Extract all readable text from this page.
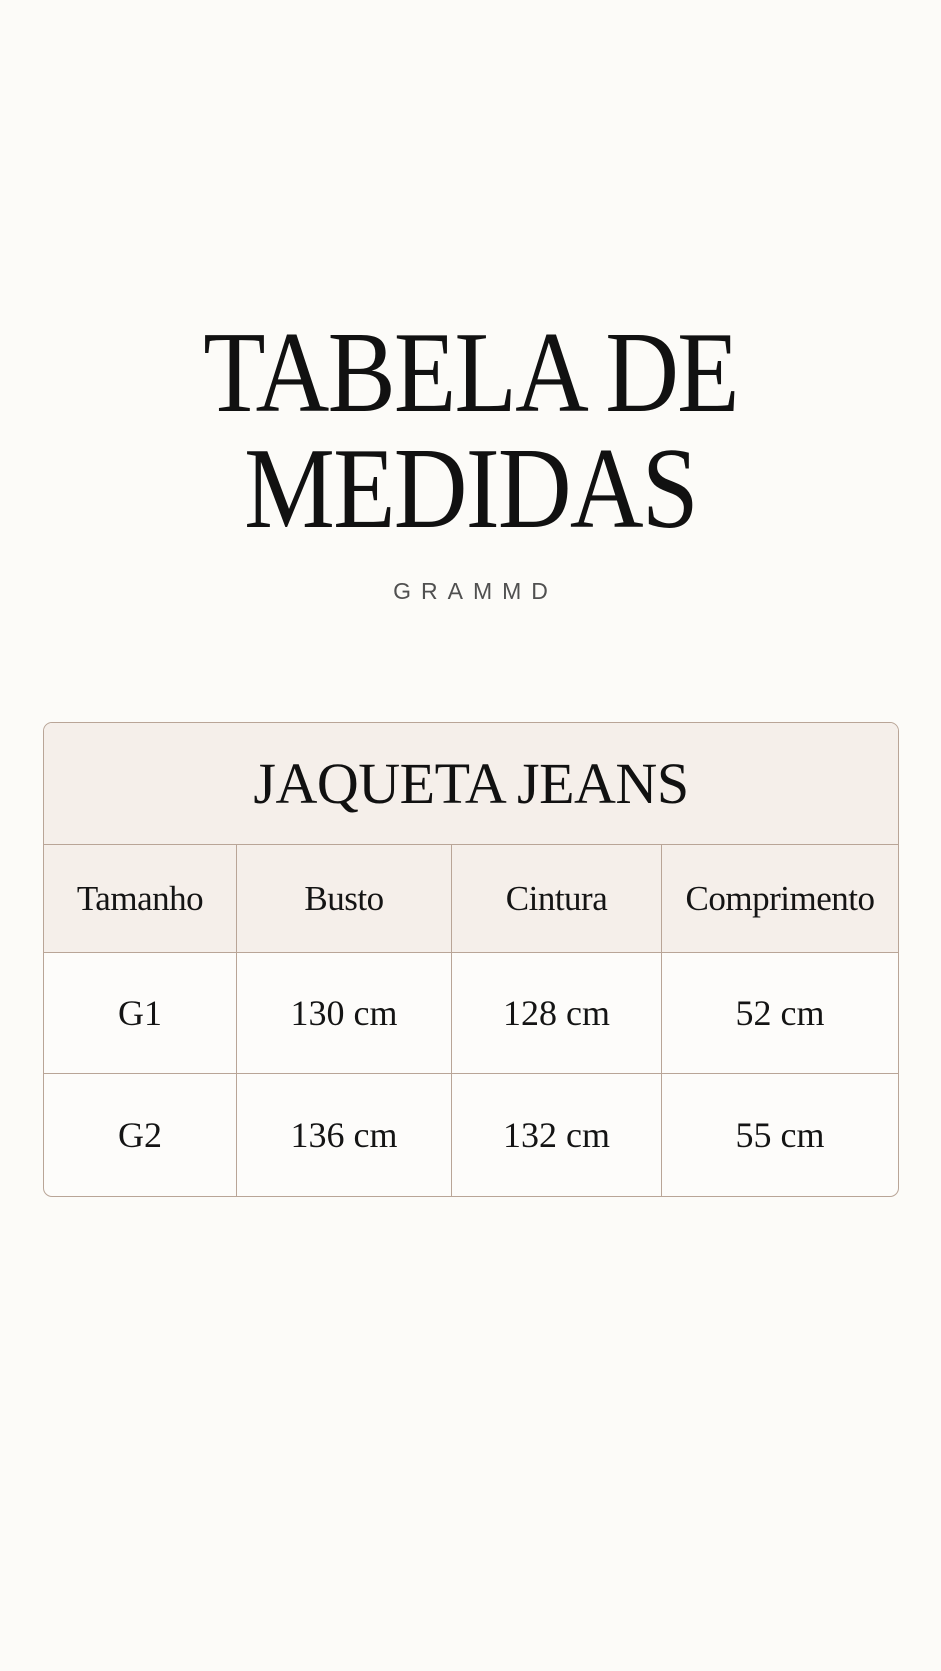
TABELA DE
MEDIDAS
GRAMMD
JAQUETA JEANS
Tamanho	Busto	Cintura	Comprimento
G1	130 cm	128 cm	52 cm
G2	136 cm	132 cm	55 cm
